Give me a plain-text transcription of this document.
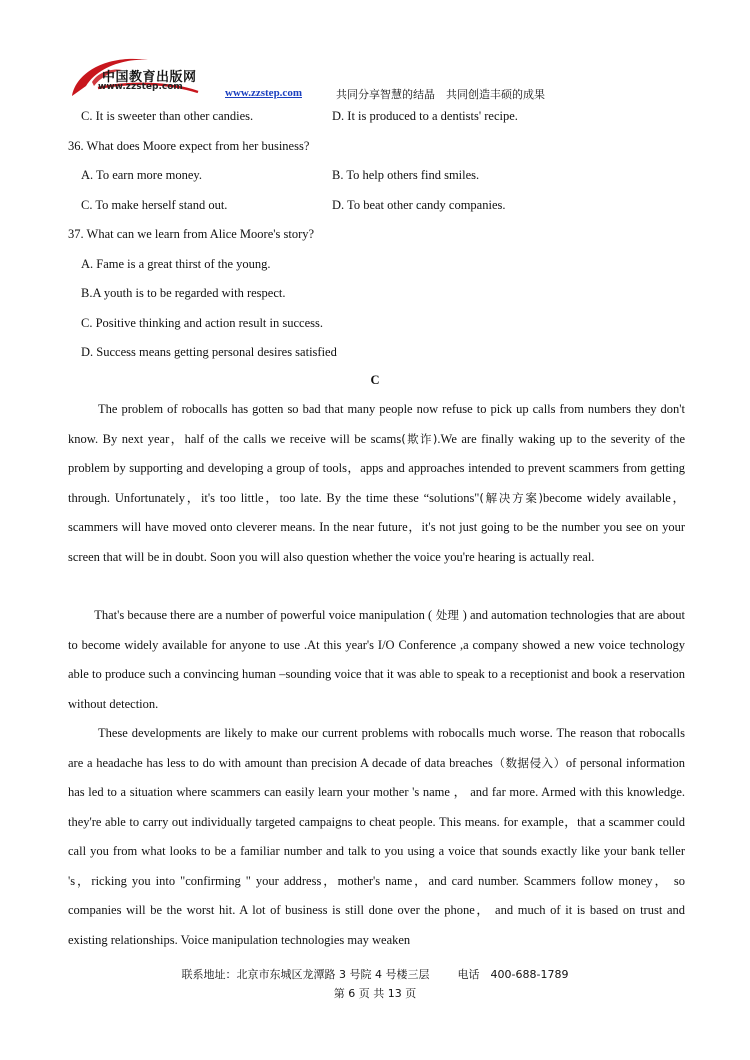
中国教育出版网
www.zzstep.com	www.zzstep.com	共同分享智慧的结晶　共同创造丰硕的成果
C. It is sweeter than other candies.	D. It is produced to a dentists' recipe.
36. What does Moore expect from her business?
A. To earn more money.	B. To help others find smiles.
C. To make herself stand out.	D. To beat other candy companies.
37. What can we learn from Alice Moore's story?
A. Fame is a great thirst of the young.
B.A youth is to be regarded with respect.
C. Positive thinking and action result in success.
D. Success means getting personal desires satisfied
C

The problem of robocalls has gotten so bad that many people now refuse to pick up calls from numbers they don't know. By next year，half of the calls we receive will be scams(欺诈).We are finally waking up to the severity of the problem by supporting and developing a group of tools，apps and approaches intended to prevent scammers from getting through. Unfortunately，it's too little，too late. By the time these “solutions"(解决方案)become widely available，scammers will have moved onto cleverer means. In the near future，it's not just going to be the number you see on your screen that will be in doubt. Soon you will also question whether the voice you're hearing is actually real.

That's because there are a number of powerful voice manipulation ( 处理 ) and automation technologies that are about to become widely available for anyone to use .At this year's I/O Conference ,a company showed a new voice technology able to produce such a convincing human –sounding voice that it was able to speak to a receptionist and book a reservation without detection.

These developments are likely to make our current problems with robocalls much worse. The reason that robocalls are a headache has less to do with amount than precision A decade of data breaches（数据侵入）of personal information has led to a situation where scammers can easily learn your mother 's name ， and far more. Armed with this knowledge. they're able to carry out individually targeted campaigns to cheat people. This means. for example，that a scammer could call you from what looks to be a familiar number and talk to you using a voice that sounds exactly like your bank teller 's，ricking you into "confirming " your address，mother's name，and card number. Scammers follow money， so companies will be the worst hit. A lot of business is still done over the phone， and much of it is based on trust and existing relationships. Voice manipulation technologies may weaken

联系地址：北京市东城区龙潭路 3 号院 4 号楼三层	电话　400-688-1789
第 6 页 共 13 页
